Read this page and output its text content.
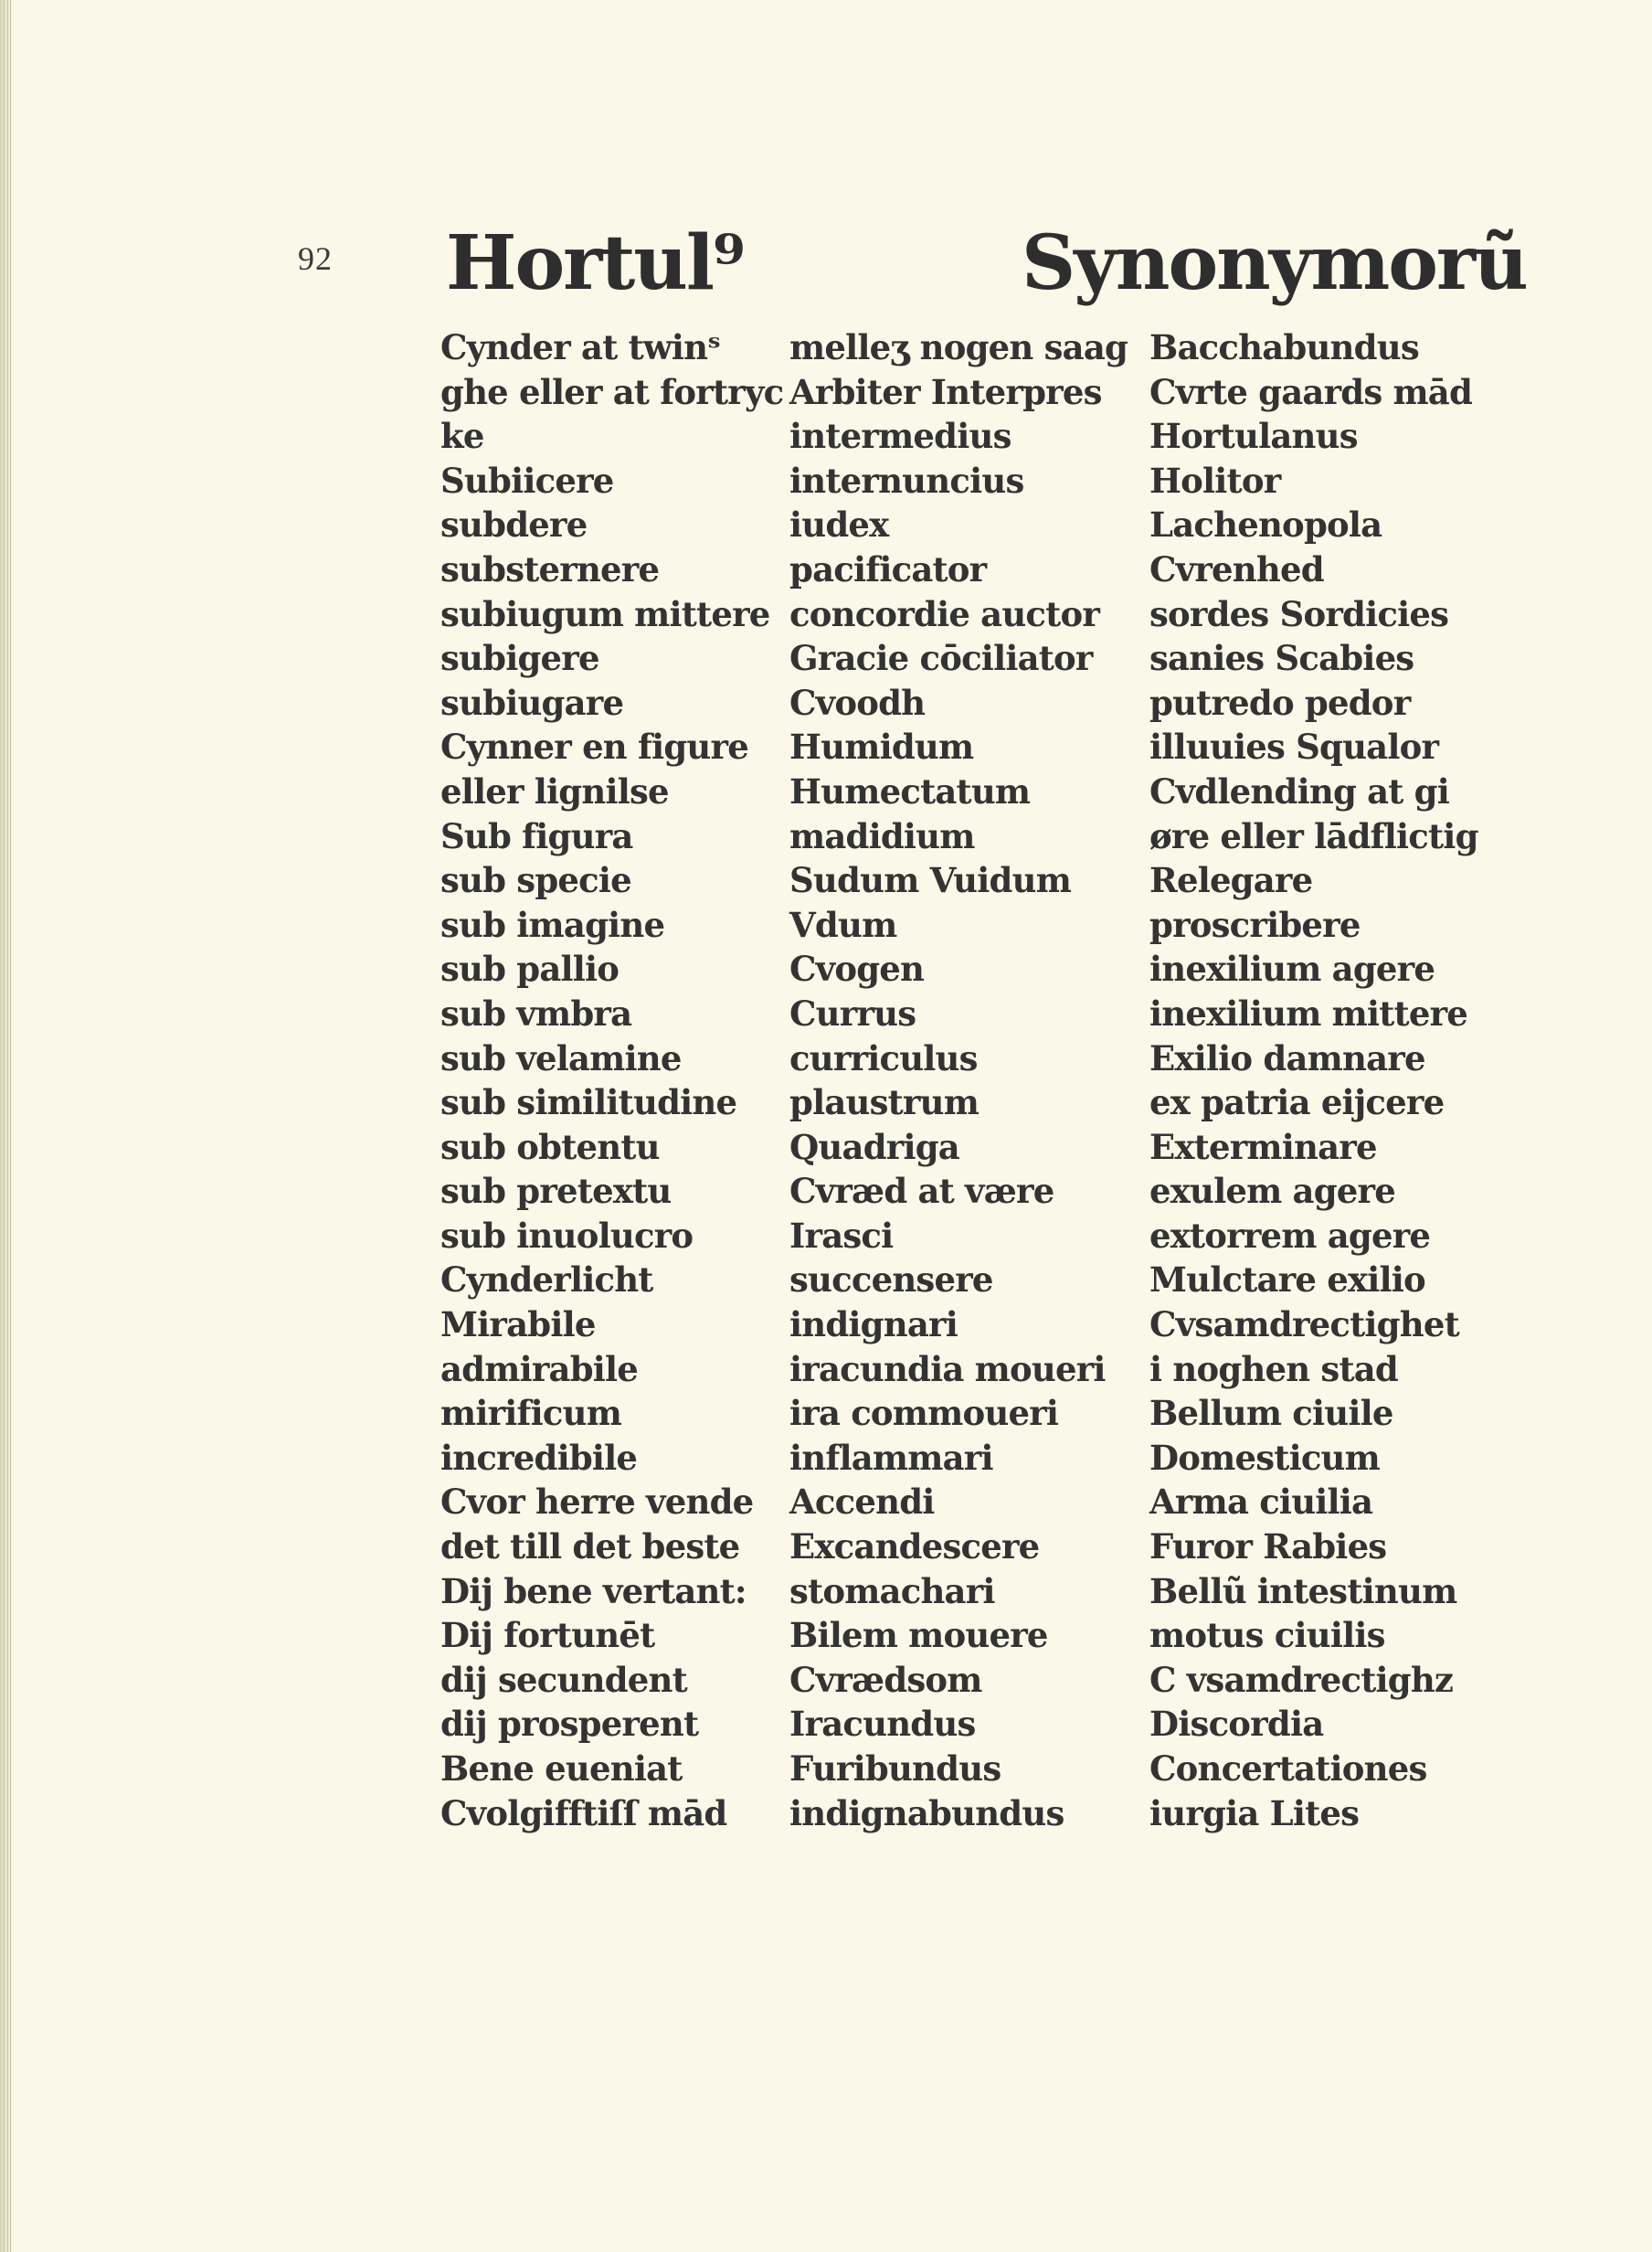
92 Hortul⁹	Synonymorũ
Cynder at twinˢ
ghe eller at fortryc
ke
Subiicere
subdere
substernere
subiugum mittere
subigere
subiugare
Cynner en figure
eller lignilse
Sub figura
sub specie
sub imagine
sub pallio
sub vmbra
sub velamine
sub similitudine
sub obtentu
sub pretextu
sub inuolucro
Cynderlicht
Mirabile
admirabile
mirificum
incredibile
Cvor herre vende
det till det beste
Dij bene vertant:
Dij fortunēt
dij secundent
dij prosperent
Bene eueniat
Cvolgifftiſſ mād
melleʒ nogen saag
Arbiter Interpres
intermedius
internuncius
iudex
pacificator
concordie auctor
Gracie cōciliator
Cvoodh
Humidum
Humectatum
madidium
Sudum Vuidum
Vdum
Cvogen
Currus
curriculus
plaustrum
Quadriga
Cvræd at være
Irasci
succensere
indignari
iracundia moueri
ira commoueri
inflammari
Accendi
Excandescere
stomachari
Bilem mouere
Cvrædsom
Iracundus
Furibundus
indignabundus
Bacchabundus
Cvrte gaards mād
Hortulanus
Holitor
Lachenopola
Cvrenhed
sordes Sordicies
sanies Scabies
putredo pedor
illuuies Squalor
Cvdlending at gi
øre eller lādflictig
Relegare
proscribere
inexilium agere
inexilium mittere
Exilio damnare
ex patria eijcere
Exterminare
exulem agere
extorrem agere
Mulctare exilio
Cvsamdrectighet
i noghen stad
Bellum ciuile
Domesticum
Arma ciuilia
Furor Rabies
Bellũ intestinum
motus ciuilis
C vsamdrectighz
Discordia
Concertationes
iurgia Lites
